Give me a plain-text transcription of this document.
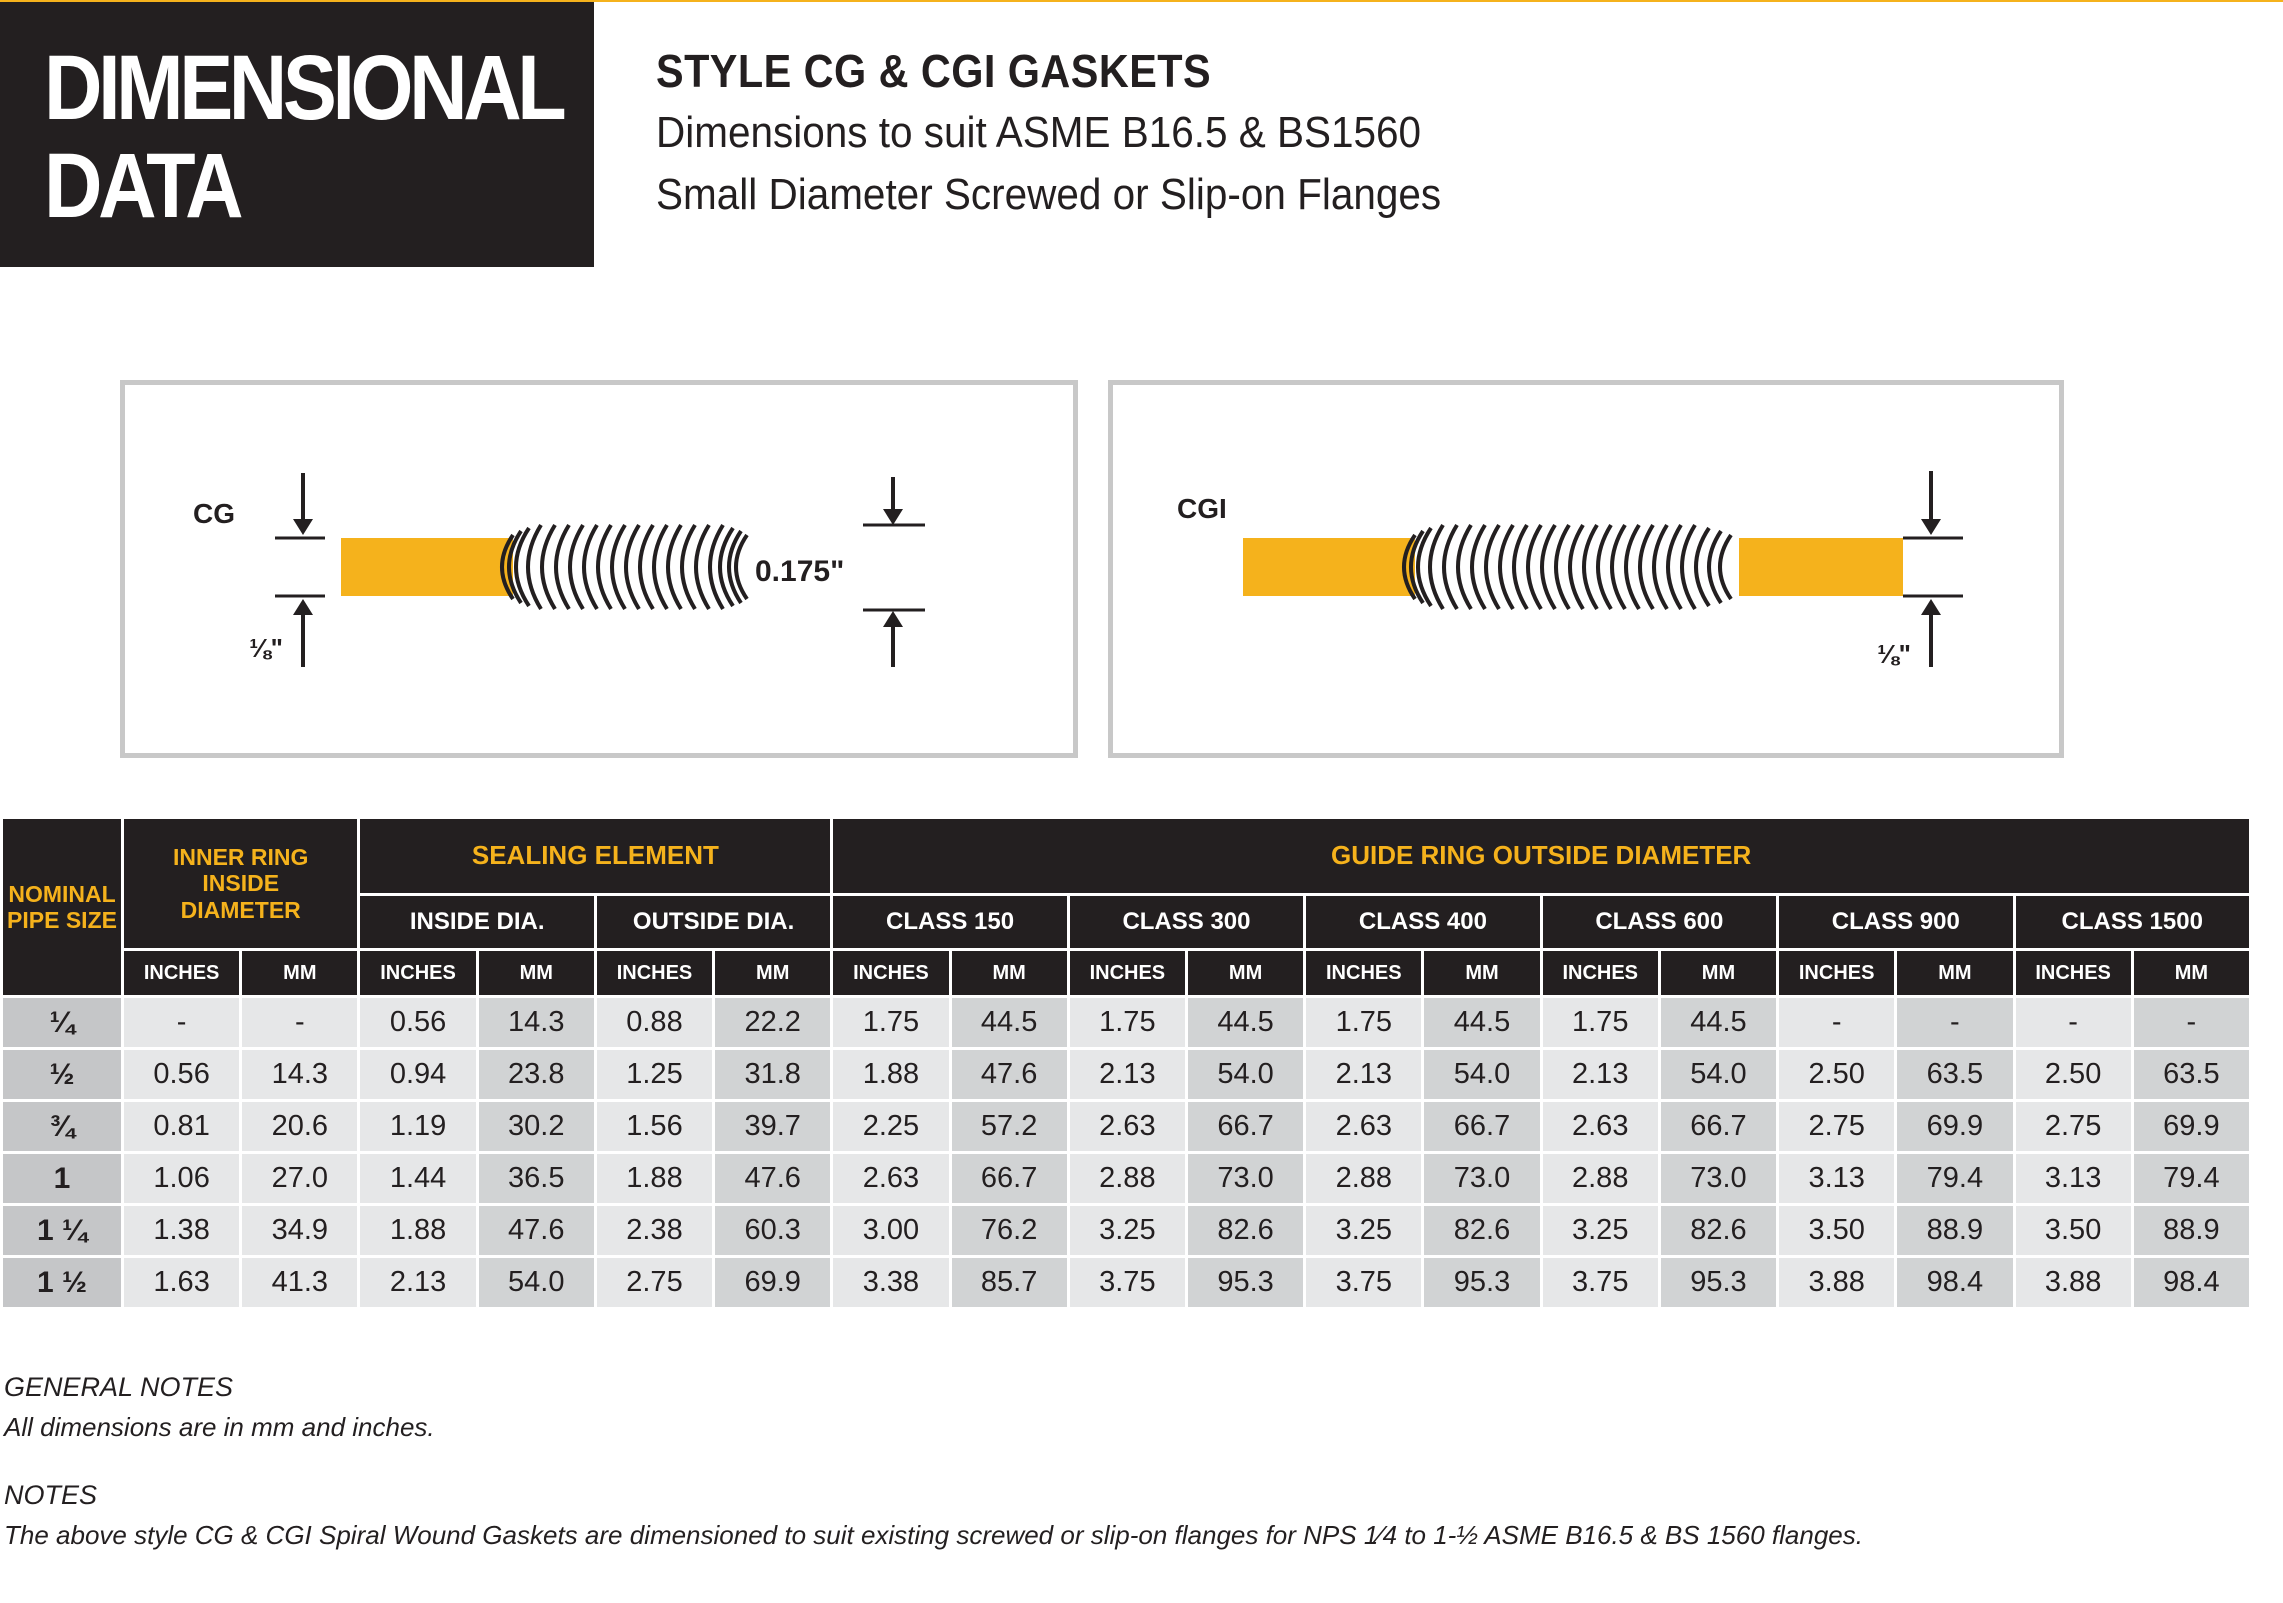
DIMENSIONAL
DATA
STYLE CG & CGI GASKETS
Dimensions to suit ASME B16.5 & BS1560
Small Diameter Screwed or Slip-on Flanges
CG
⅛"
0.175"
CGI
⅛"
NOMINAL PIPE SIZE	INNER RING INSIDE DIAMETER		SEALING ELEMENT				GUIDE RING OUTSIDE DIAMETER											
			INSIDE DIA.		OUTSIDE DIA.		CLASS 150		CLASS 300		CLASS 400		CLASS 600		CLASS 900		CLASS 1500	
	INCHES	MM	INCHES	MM	INCHES	MM	INCHES	MM	INCHES	MM	INCHES	MM	INCHES	MM	INCHES	MM	INCHES	MM
¼	-	-	0.56	14.3	0.88	22.2	1.75	44.5	1.75	44.5	1.75	44.5	1.75	44.5	-	-	-	-
½	0.56	14.3	0.94	23.8	1.25	31.8	1.88	47.6	2.13	54.0	2.13	54.0	2.13	54.0	2.50	63.5	2.50	63.5
¾	0.81	20.6	1.19	30.2	1.56	39.7	2.25	57.2	2.63	66.7	2.63	66.7	2.63	66.7	2.75	69.9	2.75	69.9
1	1.06	27.0	1.44	36.5	1.88	47.6	2.63	66.7	2.88	73.0	2.88	73.0	2.88	73.0	3.13	79.4	3.13	79.4
1 ¼	1.38	34.9	1.88	47.6	2.38	60.3	3.00	76.2	3.25	82.6	3.25	82.6	3.25	82.6	3.50	88.9	3.50	88.9
1 ½	1.63	41.3	2.13	54.0	2.75	69.9	3.38	85.7	3.75	95.3	3.75	95.3	3.75	95.3	3.88	98.4	3.88	98.4
GENERAL NOTES
All dimensions are in mm and inches.
NOTES
The above style CG & CGI Spiral Wound Gaskets are dimensioned to suit existing screwed or slip-on flanges for NPS 1⁄4 to 1-½ ASME B16.5 & BS 1560 flanges.
